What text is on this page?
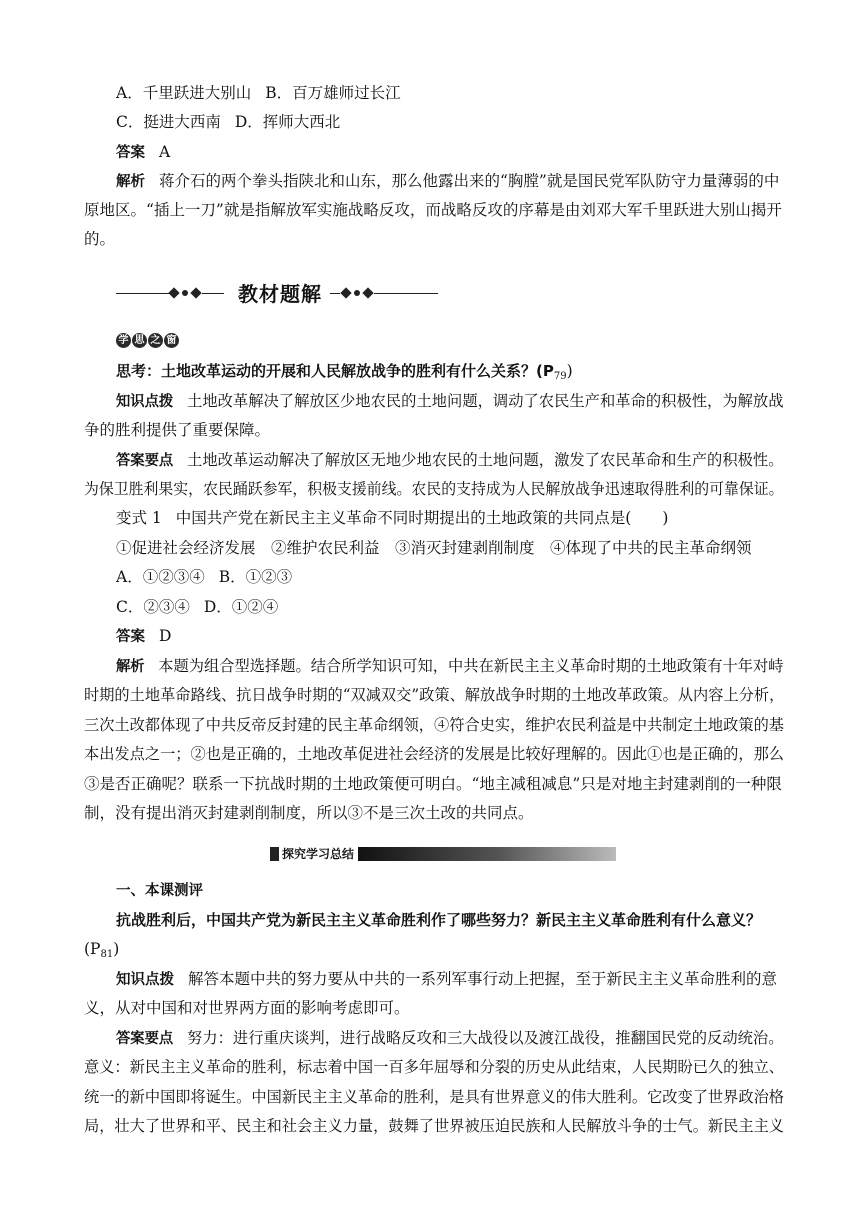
A．千里跃进大别山 B．百万雄师过长江
C．挺进大西南 D．挥师大西北
答案 A
解析 蒋介石的两个拳头指陕北和山东，那么他露出来的“胸膛”就是国民党军队防守力量薄弱的中
原地区。“插上一刀”就是指解放军实施战略反攻，而战略反攻的序幕是由刘邓大军千里跃进大别山揭开
的。
教材题解
学 思 之 窗
思考：土地改革运动的开展和人民解放战争的胜利有什么关系？$(P_{79})$
知识点拨 土地改革解决了解放区少地农民的土地问题，调动了农民生产和革命的积极性，为解放战
争的胜利提供了重要保障。
答案要点 土地改革运动解决了解放区无地少地农民的土地问题，激发了农民革命和生产的积极性。
为保卫胜利果实，农民踊跃参军，积极支援前线。农民的支持成为人民解放战争迅速取得胜利的可靠保证。
变式 1 中国共产党在新民主主义革命不同时期提出的土地政策的共同点是(　　)
①促进社会经济发展　②维护农民利益　③消灭封建剥削制度　④体现了中共的民主革命纲领
A．①②③④ B．①②③
C．②③④ D．①②④
答案 D
解析 本题为组合型选择题。结合所学知识可知，中共在新民主主义革命时期的土地政策有十年对峙
时期的土地革命路线、抗日战争时期的“双减双交”政策、解放战争时期的土地改革政策。从内容上分析，
三次土改都体现了中共反帝反封建的民主革命纲领，④符合史实，维护农民利益是中共制定土地政策的基
本出发点之一；②也是正确的，土地改革促进社会经济的发展是比较好理解的。因此①也是正确的，那么
③是否正确呢？联系一下抗战时期的土地政策便可明白。“地主减租减息”只是对地主封建剥削的一种限
制，没有提出消灭封建剥削制度，所以③不是三次土改的共同点。
探究学习总结
一、本课测评
抗战胜利后，中国共产党为新民主主义革命胜利作了哪些努力？新民主主义革命胜利有什么意义？
$(P_{81})$
知识点拨 解答本题中共的努力要从中共的一系列军事行动上把握，至于新民主主义革命胜利的意
义，从对中国和对世界两方面的影响考虑即可。
答案要点 努力：进行重庆谈判，进行战略反攻和三大战役以及渡江战役，推翻国民党的反动统治。
意义：新民主主义革命的胜利，标志着中国一百多年屈辱和分裂的历史从此结束，人民期盼已久的独立、
统一的新中国即将诞生。中国新民主主义革命的胜利，是具有世界意义的伟大胜利。它改变了世界政治格
局，壮大了世界和平、民主和社会主义力量，鼓舞了世界被压迫民族和人民解放斗争的士气。新民主主义
